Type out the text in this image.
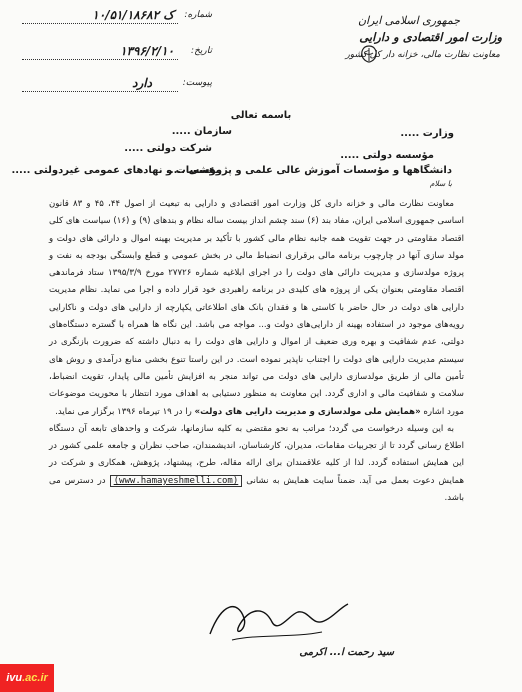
جمهوری اسلامی ایران
وزارت امور اقتصادی و دارایی
معاونت نظارت مالی، خزانه دار کل کشور
شماره:
۱۰/۵۱/۱۸۶۸۲ ک
تاریخ:
۱۳۹۶/۲/۱۰
پیوست:
دارد
باسمه تعالی
وزارت .....
مؤسسه دولتی .....
دانشگاهها و مؤسسات آموزش عالی علمی و پژوهشی .....
سازمان .....
شرکت دولتی .....
مؤسسات و نهادهای عمومی غیردولتی .....
با سلام

معاونت نظارت مالی و خزانه داری کل وزارت امور اقتصادی و دارایی به تبعیت از اصول ۴۴، ۴۵ و ۸۳ قانون اساسی جمهوری اسلامی ایران، مفاد بند (۶) سند چشم انداز بیست ساله نظام و بندهای (۹) و (۱۶) سیاست های کلی اقتصاد مقاومتی در جهت تقویت همه جانبه نظام مالی کشور با تأکید بر مدیریت بهینه اموال و دارائی های دولت و مولد سازی آنها در چارچوب برنامه مالی برقراری انضباط مالی در بخش عمومی و قطع وابستگی بودجه به نفت و پروژه مولدسازی و مدیریت دارائی های دولت را در اجرای ابلاغیه شماره ۲۷۷۲۶ مورخ ۱۳۹۵/۳/۹ ستاد فرماندهی اقتصاد مقاومتی بعنوان یکی از پروژه های کلیدی در برنامه راهبردی خود قرار داده و اجرا می نماید. نظام مدیریت دارایی های دولت در حال حاضر با کاستی ها و فقدان بانک های اطلاعاتی یکپارچه از دارایی های دولت و ناکارایی رویه‌های موجود در استفاده بهینه از دارایی‌های دولت و... مواجه می باشد. این نگاه ها همراه با گستره دستگاه‌های دولتی، عدم شفافیت و بهره وری ضعیف از اموال و دارایی های دولت را به دنبال داشته که ضرورت بازنگری در سیستم مدیریت دارایی های دولت را اجتناب ناپذیر نموده است. در این راستا تنوع بخشی منابع درآمدی و روش های تأمین مالی از طریق مولدسازی دارایی های دولت می تواند منجر به افزایش تأمین مالی پایدار، تقویت انضباط، سلامت و شفافیت مالی و اداری گردد. این معاونت به منظور دستیابی به اهداف مورد انتظار با محوریت موضوعات مورد اشاره «همایش ملی مولدسازی و مدیریت دارایی های دولت» را در ۱۹ تیرماه ۱۳۹۶ برگزار می نماید.

به این وسیله درخواست می گردد؛ مراتب به نحو مقتضی به کلیه سازمانها، شرکت و واحدهای تابعه آن دستگاه اطلاع رسانی گردد تا از تجربیات مقامات، مدیران، کارشناسان، اندیشمندان، صاحب نظران و جامعه علمی کشور در این همایش استفاده گردد. لذا از کلیه علاقمندان برای ارائه مقاله، طرح، پیشنهاد، پژوهش، همکاری و شرکت در همایش دعوت بعمل می آید. ضمناً سایت همایش به نشانی (www.hamayeshmelli.com) در دسترس می باشد.

سید رحمت ا... اکرمی
ivu.ac.ir
